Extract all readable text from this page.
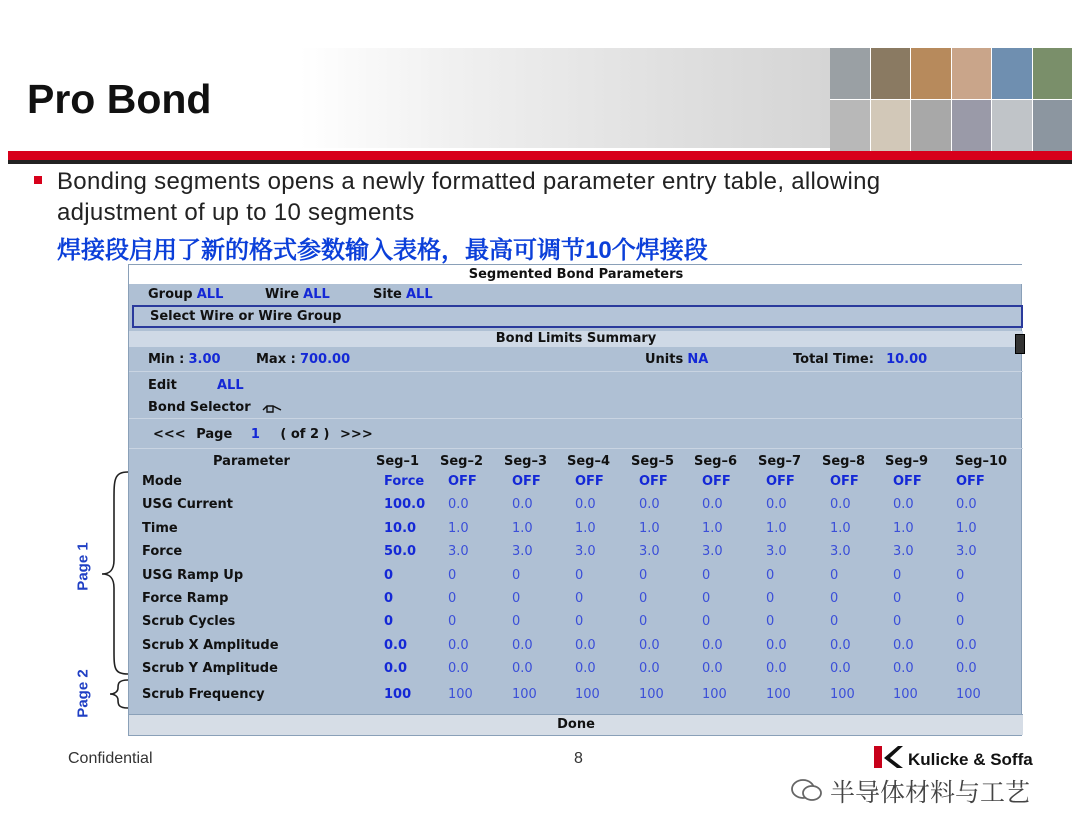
Pro Bond
Bonding segments opens a newly formatted parameter entry table, allowing
adjustment of up to 10 segments
焊接段启用了新的格式参数输入表格，最高可调节10个焊接段
Page 1
Page 2
Segmented Bond Parameters
Group ALL	Wire ALL	Site ALL
Select Wire or Wire Group
Bond Limits Summary
Min : 3.00	Max : 700.00	Units NA	Total Time: 10.00
Edit	ALL
Bond Selector
<<< Page 1 ( of 2 ) >>>
Parameter	Seg–1 Seg–2 Seg–3 Seg–4 Seg–5 Seg–6 Seg–7 Seg–8 Seg–9 Seg–10
Mode	Force OFF	OFF	OFF	OFF	OFF	OFF	OFF	OFF	OFF
USG Current	100.0 0.0	0.0	0.0	0.0	0.0	0.0	0.0	0.0	0.0
Time	10.0 1.0	1.0	1.0	1.0	1.0	1.0	1.0	1.0	1.0
Force	50.0 3.0	3.0	3.0	3.0	3.0	3.0	3.0	3.0	3.0
USG Ramp Up	0	0	0	0	0	0	0	0	0	0
Force Ramp	0	0	0	0	0	0	0	0	0	0
Scrub Cycles	0	0	0	0	0	0	0	0	0	0
Scrub X Amplitude	0.0	0.0	0.0	0.0	0.0	0.0	0.0	0.0	0.0	0.0
Scrub Y Amplitude	0.0	0.0	0.0	0.0	0.0	0.0	0.0	0.0	0.0	0.0
Scrub Frequency	100	100	100	100	100	100	100	100	100	100
Done
Confidential	8	Kulicke & Soffa
半导体材料与工艺
